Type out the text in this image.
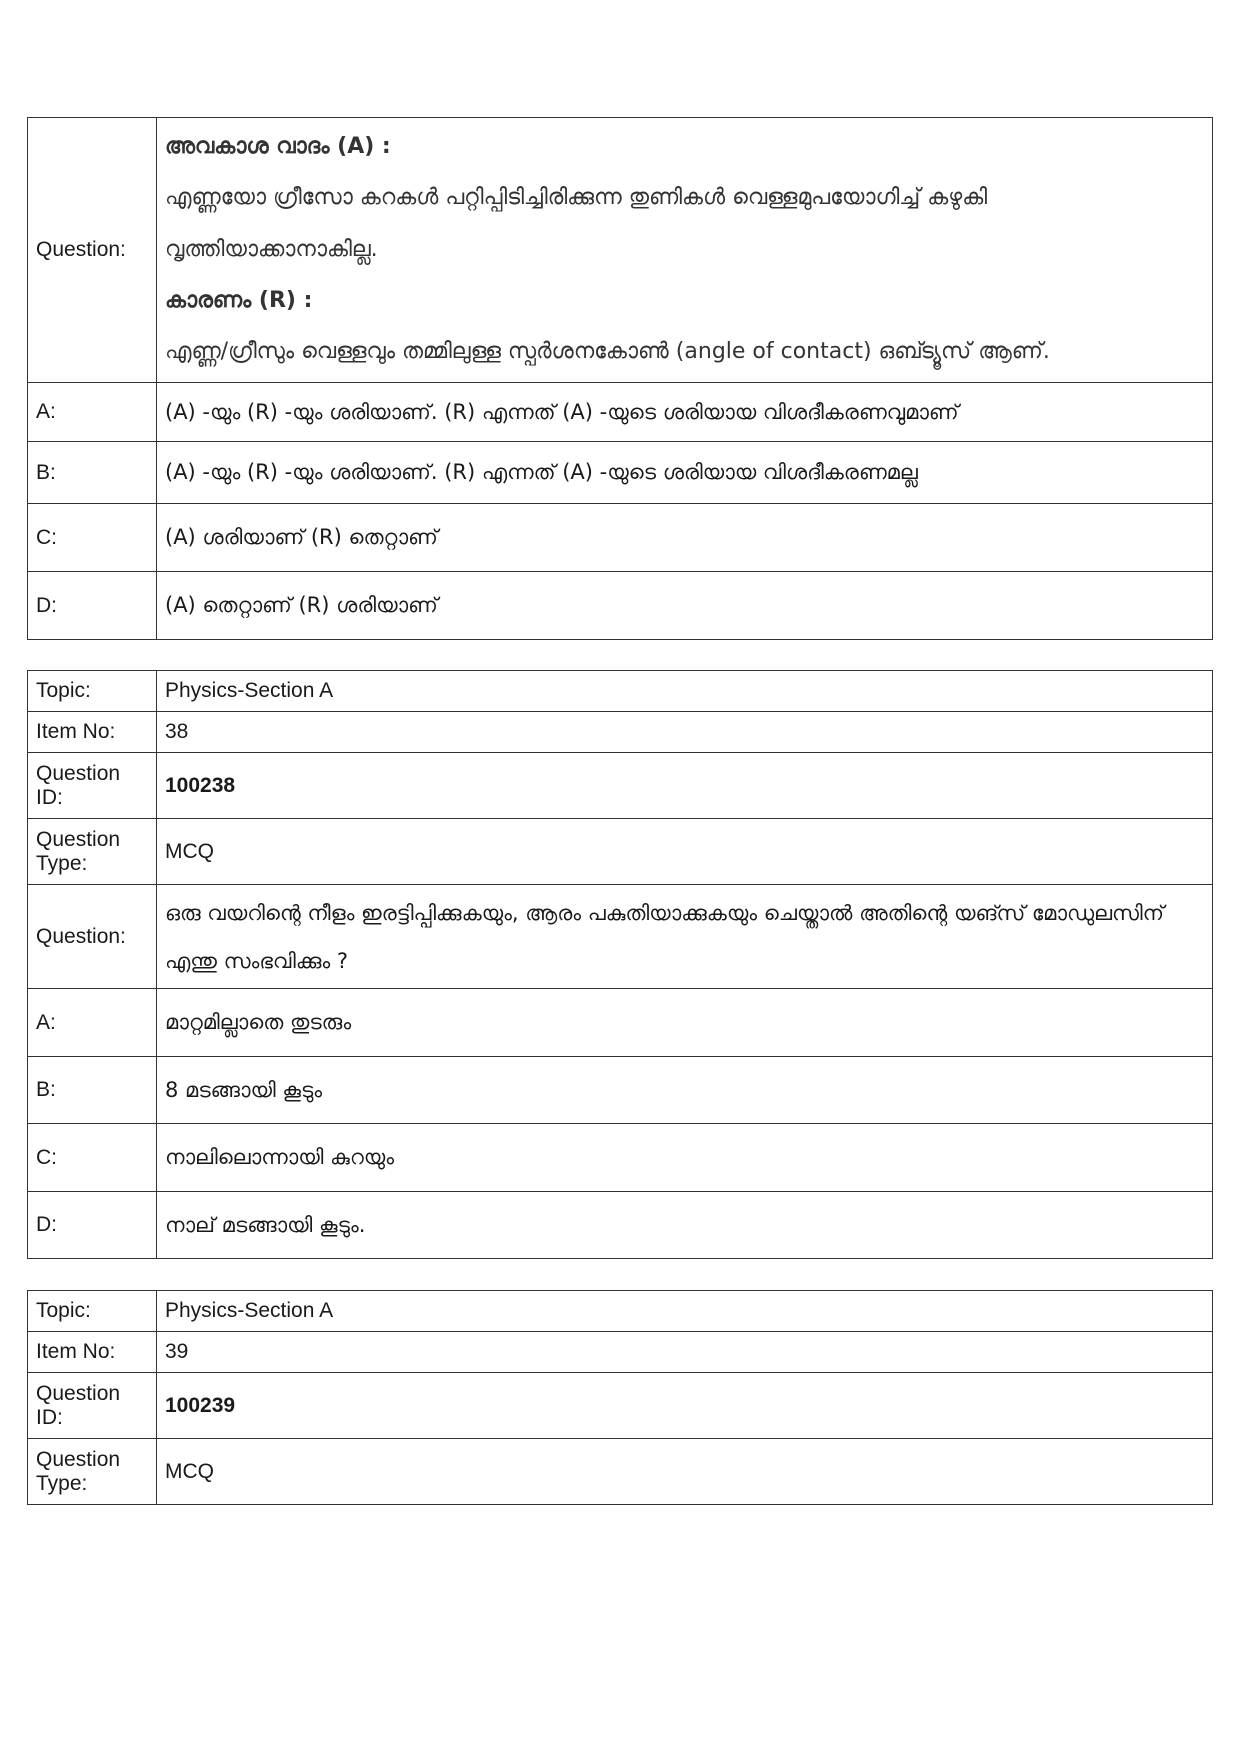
Question:	അവകാശ വാദം (A) :
എണ്ണയോ ഗ്രീസോ കറകൾ പറ്റിപ്പിടിച്ചിരിക്കുന്ന തുണികൾ വെള്ളമുപയോഗിച്ച് കഴുകി വൃത്തിയാക്കാനാകില്ല.
കാരണം (R) :
എണ്ണ/ഗ്രീസും വെള്ളവും തമ്മിലുള്ള സ്പർശനകോൺ (angle of contact) ഒബ്ട്യൂസ് ആണ്.

A:	(A) -യും (R) -യും ശരിയാണ്. (R) എന്നത് (A) -യുടെ ശരിയായ വിശദീകരണവുമാണ്
B:	(A) -യും (R) -യും ശരിയാണ്. (R) എന്നത് (A) -യുടെ ശരിയായ വിശദീകരണമല്ല
C:	(A) ശരിയാണ് (R) തെറ്റാണ്
D:	(A) തെറ്റാണ് (R) ശരിയാണ്
Topic:	Physics-Section A
Item No:	38
Question ID:	100238
Question Type:	MCQ
Question:	ഒരു വയറിന്റെ നീളം ഇരട്ടിപ്പിക്കുകയും, ആരം പകുതിയാക്കുകയും ചെയ്താൽ അതിന്റെ യങ്സ് മോഡുലസിന് എന്തു സംഭവിക്കും ?
A:	മാറ്റമില്ലാതെ തുടരും
B:	8 മടങ്ങായി കൂടും
C:	നാലിലൊന്നായി കുറയും
D:	നാല് മടങ്ങായി കൂടും.
Topic:	Physics-Section A
Item No:	39
Question ID:	100239
Question Type:	MCQ
